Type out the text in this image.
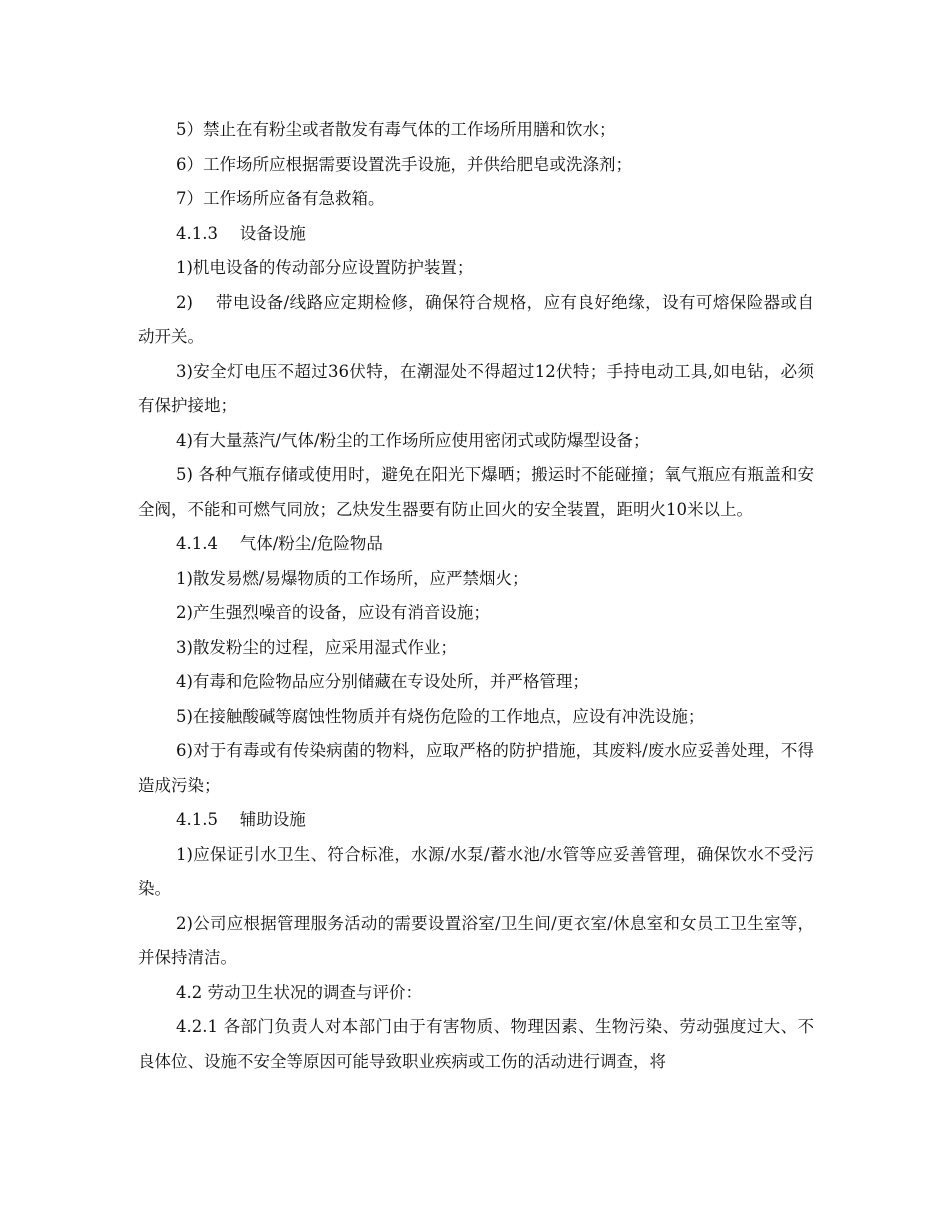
5）禁止在有粉尘或者散发有毒气体的工作场所用膳和饮水；

6）工作场所应根据需要设置洗手设施，并供给肥皂或洗涤剂；

7）工作场所应备有急救箱。

4.1.3　 设备设施

1)机电设备的传动部分应设置防护装置；

2)　 带电设备/线路应定期检修，确保符合规格，应有良好绝缘，设有可熔保险器或自动开关。

3)安全灯电压不超过36伏特，在潮湿处不得超过12伏特；手持电动工具,如电钻，必须有保护接地；

4)有大量蒸汽/气体/粉尘的工作场所应使用密闭式或防爆型设备；

5) 各种气瓶存储或使用时，避免在阳光下爆晒；搬运时不能碰撞；氧气瓶应有瓶盖和安全阀，不能和可燃气同放；乙炔发生器要有防止回火的安全装置，距明火10米以上。

4.1.4　 气体/粉尘/危险物品

1)散发易燃/易爆物质的工作场所，应严禁烟火；

2)产生强烈噪音的设备，应设有消音设施；

3)散发粉尘的过程，应采用湿式作业；

4)有毒和危险物品应分别储藏在专设处所，并严格管理；

5)在接触酸碱等腐蚀性物质并有烧伤危险的工作地点，应设有冲洗设施；

6)对于有毒或有传染病菌的物料，应取严格的防护措施，其废料/废水应妥善处理，不得造成污染；

4.1.5　 辅助设施

1)应保证引水卫生、符合标准，水源/水泵/蓄水池/水管等应妥善管理，确保饮水不受污染。

2)公司应根据管理服务活动的需要设置浴室/卫生间/更衣室/休息室和女员工卫生室等，并保持清洁。

4.2 劳动卫生状况的调查与评价：

4.2.1 各部门负责人对本部门由于有害物质、物理因素、生物污染、劳动强度过大、不良体位、设施不安全等原因可能导致职业疾病或工伤的活动进行调查，将
